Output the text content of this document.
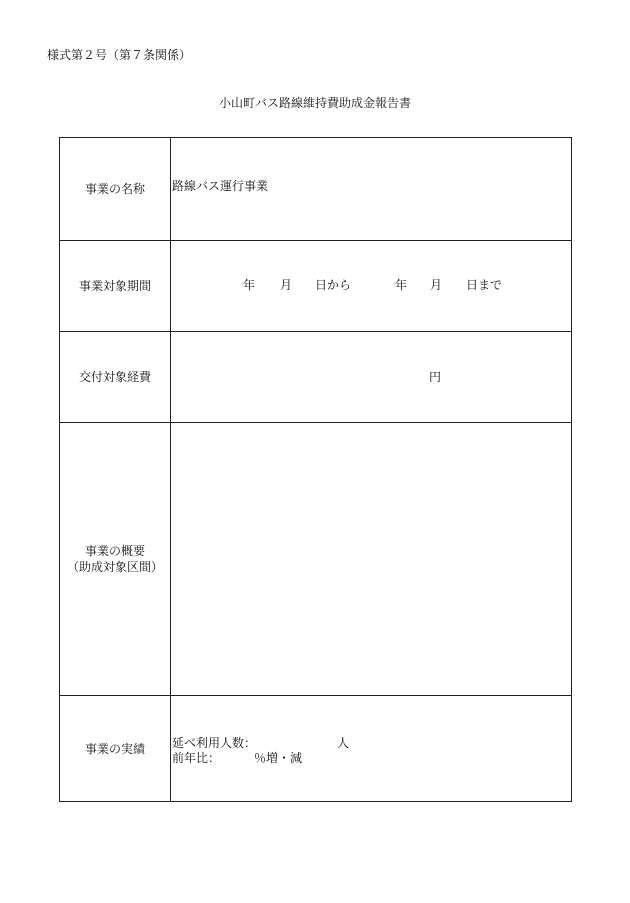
様式第２号（第７条関係）
小山町バス路線維持費助成金報告書
事業の名称 路線バス運行事業
事業対象期間	年 月 日から	年 月 日まで
交付対象経費	円
事業の概要
（助成対象区間）
事業の実績 延べ利用人数：	人
前年比：	％増・減
